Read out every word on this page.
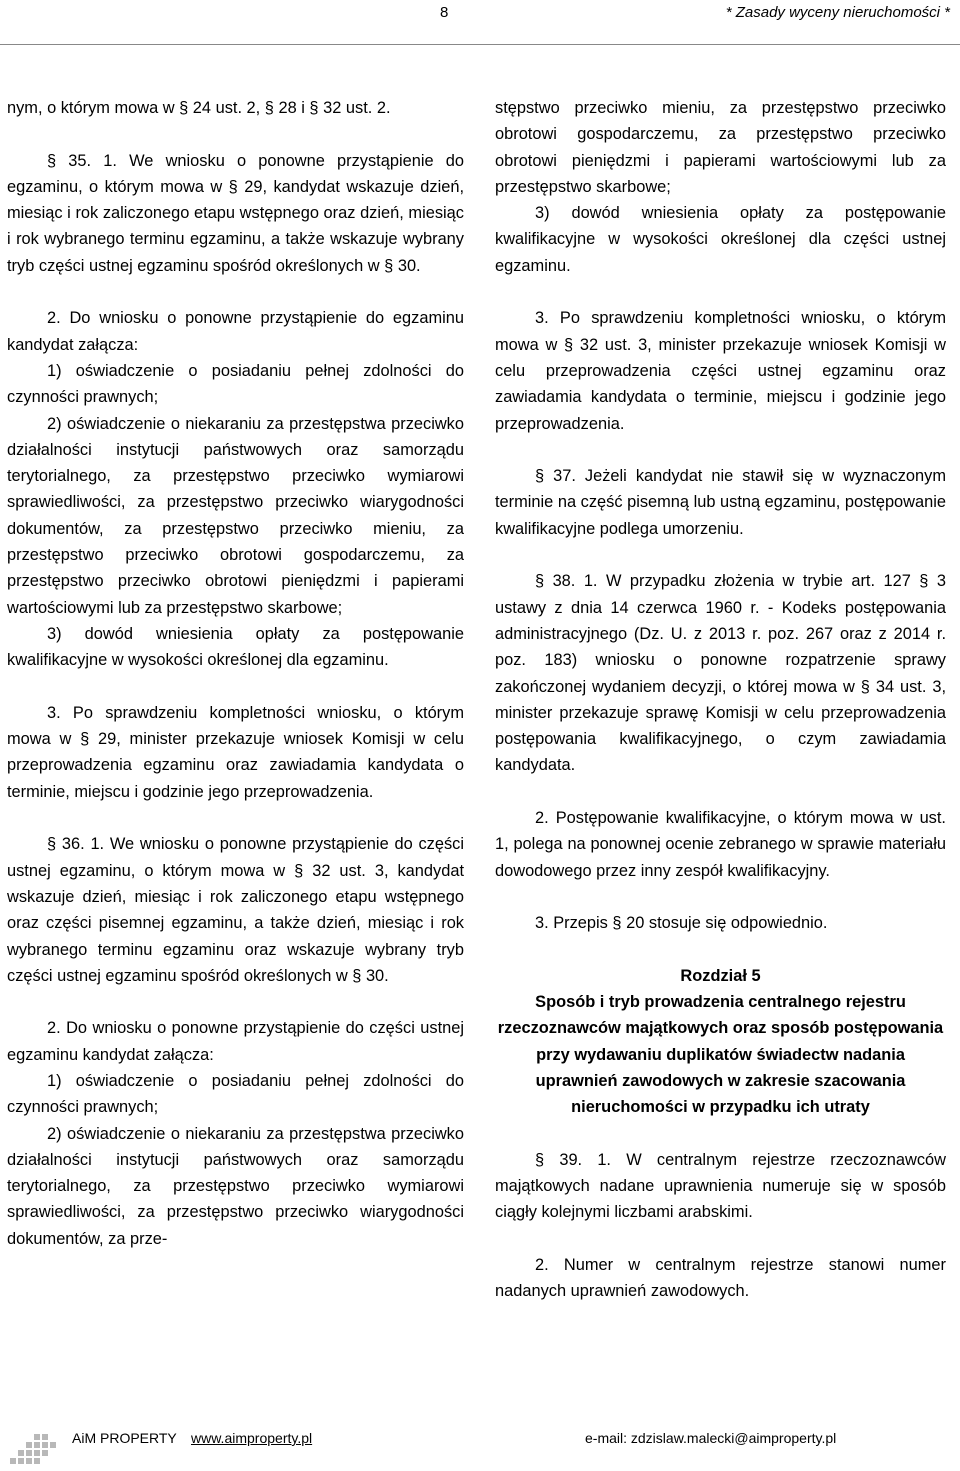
8	* Zasady wyceny nieruchomości *

nym, o którym mowa w § 24 ust. 2, § 28 i § 32 ust. 2.

§ 35. 1. We wniosku o ponowne przystąpienie do egzaminu, o którym mowa w § 29, kandydat wskazuje dzień, miesiąc i rok zaliczonego etapu wstępnego oraz dzień, miesiąc i rok wybranego terminu egzaminu, a także wskazuje wybrany tryb części ustnej egzaminu spośród określonych w § 30.

2. Do wniosku o ponowne przystąpienie do egzaminu kandydat załącza:

1) oświadczenie o posiadaniu pełnej zdolności do czynności prawnych;

2) oświadczenie o niekaraniu za przestępstwa przeciwko działalności instytucji państwowych oraz samorządu terytorialnego, za przestępstwo przeciwko wymiarowi sprawiedliwości, za przestępstwo przeciwko wiarygodności dokumentów, za przestępstwo przeciwko mieniu, za przestępstwo przeciwko obrotowi gospodarczemu, za przestępstwo przeciwko obrotowi pieniędzmi i papierami wartościowymi lub za przestępstwo skarbowe;

3) dowód wniesienia opłaty za postępowanie kwalifikacyjne w wysokości określonej dla egzaminu.

3. Po sprawdzeniu kompletności wniosku, o którym mowa w § 29, minister przekazuje wniosek Komisji w celu przeprowadzenia egzaminu oraz zawiadamia kandydata o terminie, miejscu i godzinie jego przeprowadzenia.

§ 36. 1. We wniosku o ponowne przystąpienie do części ustnej egzaminu, o którym mowa w § 32 ust. 3, kandydat wskazuje dzień, miesiąc i rok zaliczonego etapu wstępnego oraz części pisemnej egzaminu, a także dzień, miesiąc i rok wybranego terminu egzaminu oraz wskazuje wybrany tryb części ustnej egzaminu spośród określonych w § 30.

2. Do wniosku o ponowne przystąpienie do części ustnej egzaminu kandydat załącza:

1) oświadczenie o posiadaniu pełnej zdolności do czynności prawnych;

2) oświadczenie o niekaraniu za przestępstwa przeciwko działalności instytucji państwowych oraz samorządu terytorialnego, za przestępstwo przeciwko wymiarowi sprawiedliwości, za przestępstwo przeciwko wiarygodności dokumentów, za prze-

stępstwo przeciwko mieniu, za przestępstwo przeciwko obrotowi gospodarczemu, za przestępstwo przeciwko obrotowi pieniędzmi i papierami wartościowymi lub za przestępstwo skarbowe;

3) dowód wniesienia opłaty za postępowanie kwalifikacyjne w wysokości określonej dla części ustnej egzaminu.

3. Po sprawdzeniu kompletności wniosku, o którym mowa w § 32 ust. 3, minister przekazuje wniosek Komisji w celu przeprowadzenia części ustnej egzaminu oraz zawiadamia kandydata o terminie, miejscu i godzinie jego przeprowadzenia.

§ 37. Jeżeli kandydat nie stawił się w wyznaczonym terminie na część pisemną lub ustną egzaminu, postępowanie kwalifikacyjne podlega umorzeniu.

§ 38. 1. W przypadku złożenia w trybie art. 127 § 3 ustawy z dnia 14 czerwca 1960 r. - Kodeks postępowania administracyjnego (Dz. U. z 2013 r. poz. 267 oraz z 2014 r. poz. 183) wniosku o ponowne rozpatrzenie sprawy zakończonej wydaniem decyzji, o której mowa w § 34 ust. 3, minister przekazuje sprawę Komisji w celu przeprowadzenia postępowania kwalifikacyjnego, o czym zawiadamia kandydata.

2. Postępowanie kwalifikacyjne, o którym mowa w ust. 1, polega na ponownej ocenie zebranego w sprawie materiału dowodowego przez inny zespół kwalifikacyjny.

3. Przepis § 20 stosuje się odpowiednio.

Rozdział 5

Sposób i tryb prowadzenia centralnego rejestru rzeczoznawców majątkowych oraz sposób postępowania przy wydawaniu duplikatów świadectw nadania uprawnień zawodowych w zakresie szacowania nieruchomości w przypadku ich utraty

§ 39. 1. W centralnym rejestrze rzeczoznawców majątkowych nadane uprawnienia numeruje się w sposób ciągły kolejnymi liczbami arabskimi.

2. Numer w centralnym rejestrze stanowi numer nadanych uprawnień zawodowych.

AiM PROPERTY www.aimproperty.pl	e-mail: zdzislaw.malecki@aimproperty.pl
